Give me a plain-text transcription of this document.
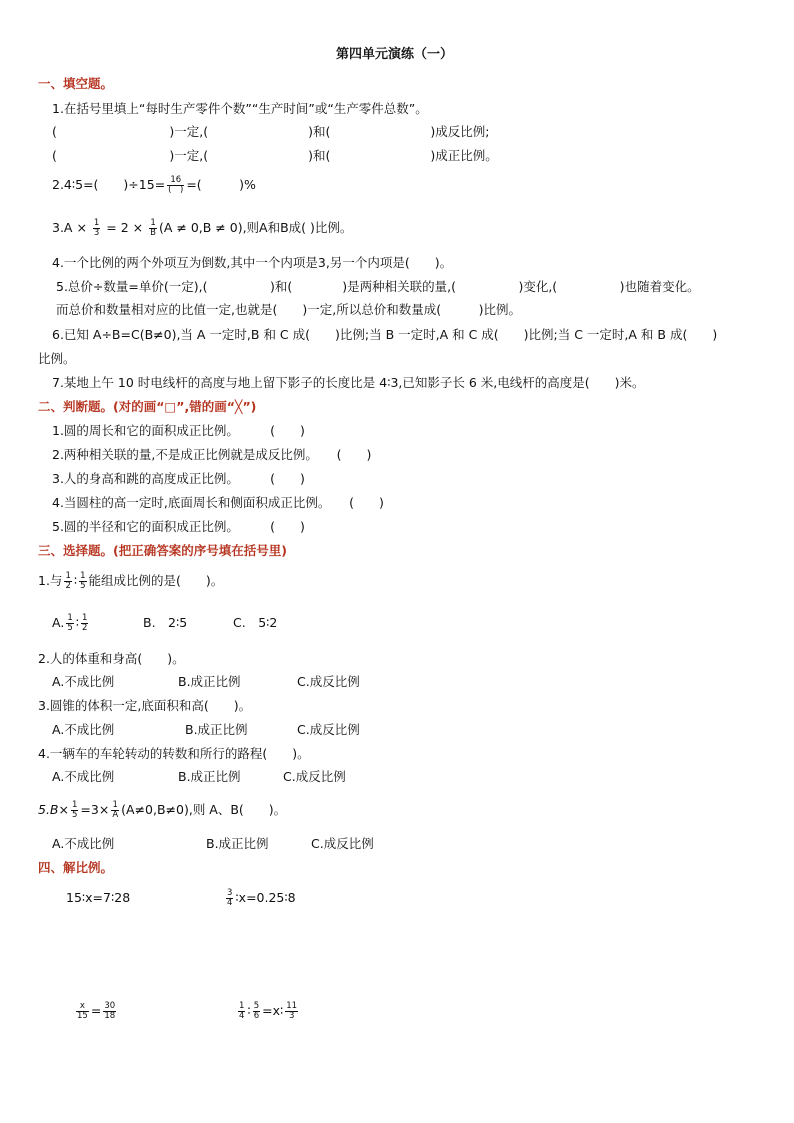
第四单元演练（一）
一、填空题。
1.在括号里填上“每时生产零件个数”“生产时间”或“生产零件总数”。
(　　　　　　　　　)一定,(　　　　　　　　)和(　　　　　　　　)成反比例;
(　　　　　　　　　)一定,(　　　　　　　　)和(　　　　　　　　)成正比例。
2.4∶5=(　　)$\div 15= \frac{16}{( )}$ =(　　　)%
$3.A \times \frac{1}{3} = 2 \times \frac{1}{B} (A \ne 0,B \ne 0)$,则A和B成( )比例。
4.一个比例的两个外项互为倒数,其中一个内项是3,另一个内项是(　　)。
5.总价÷数量=单价(一定),(　　　　　)和(　　　　)是两种相关联的量,(　　　　　)变化,(　　　　　)也随着变化。
而总价和数量相对应的比值一定,也就是(　　)一定,所以总价和数量成(　　　)比例。
6.已知 A÷B=C(B≠0),当 A 一定时,B 和 C 成(　　)比例;当 B 一定时,A 和 C 成(　　)比例;当 C 一定时,A 和 B 成(　　)
比例。
7.某地上午 10 时电线杆的高度与地上留下影子的长度比是 4∶3,已知影子长 6 米,电线杆的高度是(　　)米。
二、判断题。(对的画“□”,错的画“╳”)
1.圆的周长和它的面积成正比例。　　　(　　)
2.两种相关联的量,不是成正比例就是成反比例。　　(　　)
3.人的身高和跳的高度成正比例。　　　(　　)
4.当圆柱的高一定时,底面周长和侧面积成正比例。　　(　　)
5.圆的半径和它的面积成正比例。　　　(　　)
三、选择题。(把正确答案的序号填在括号里)
1.与 $\frac{1}{2}$ ∶ $\frac{1}{5}$ 能组成比例的是(　　)。
A. $\frac{1}{5}$ ∶ $\frac{1}{2}$	B.　2∶5	C.　5∶2
2.人的体重和身高(　　)。
A.不成比例	B.成正比例	C.成反比例
3.圆锥的体积一定,底面积和高(　　)。
A.不成比例	B.成正比例	C.成反比例
4.一辆车的车轮转动的转数和所行的路程(　　)。
A.不成比例	B.成正比例	C.成反比例
$5.B\times \frac{1}{5} =3\times \frac{1}{A} (A\ne 0,B\ne 0)$,则 A、B(　　)。
A.不成比例	B.成正比例	C.成反比例
四、解比例。
15∶x=7∶28	$\frac{3}{4}$ ∶x=0.25∶8
$\frac{x}{15} = \frac{30}{18}$	$\frac{1}{4}$ ∶ $\frac{5}{6}$ =x∶ $\frac{11}{3}$
